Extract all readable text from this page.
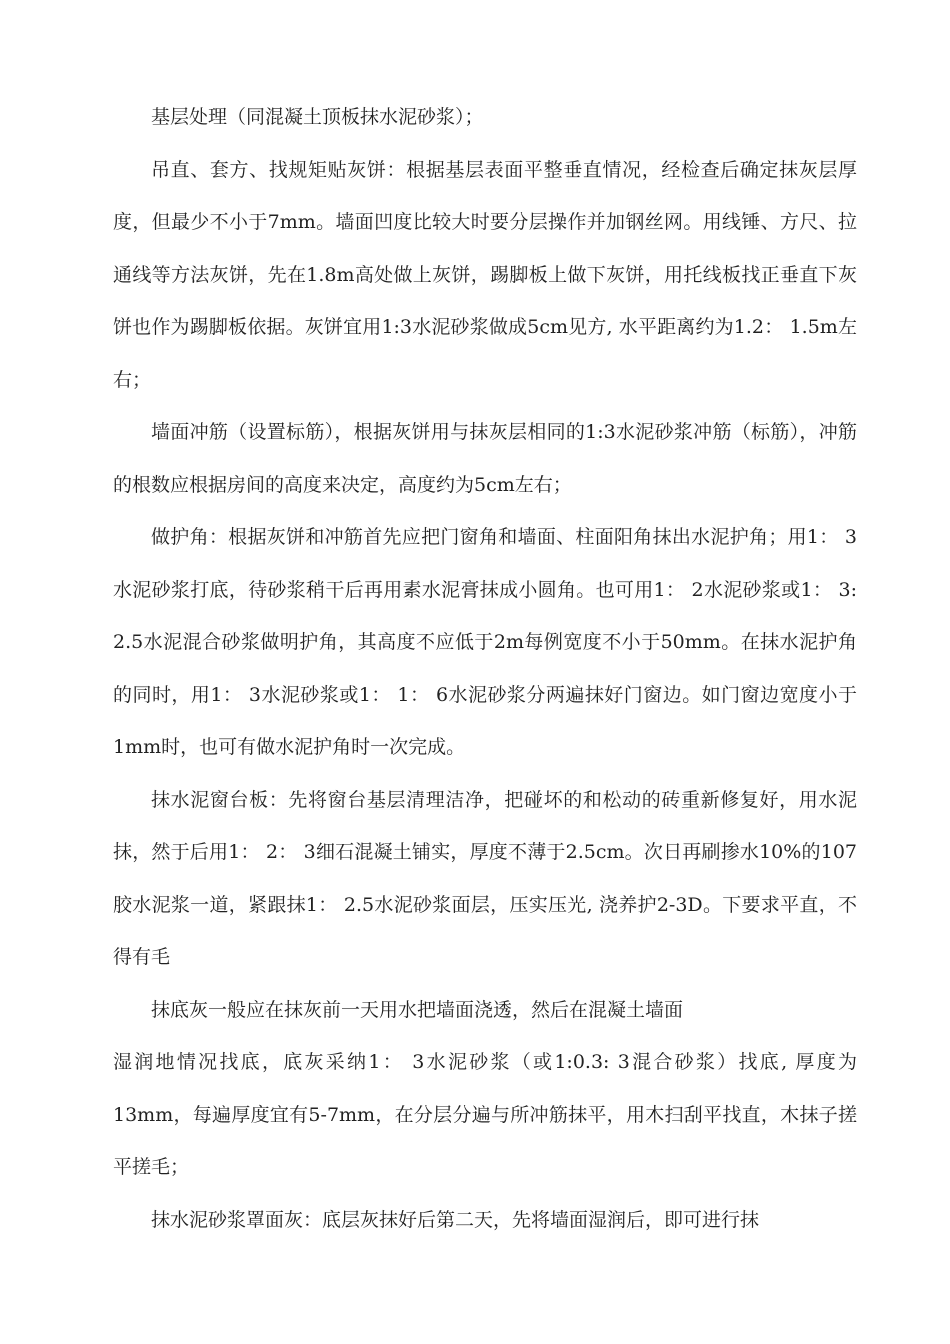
基层处理（同混凝土顶板抹水泥砂浆）；

吊直、套方、找规矩贴灰饼：根据基层表面平整垂直情况，经检查后确定抹灰层厚度，但最少不小于7mm。墙面凹度比较大时要分层操作并加钢丝网。用线锤、方尺、拉通线等方法灰饼，先在1.8m高处做上灰饼，踢脚板上做下灰饼，用托线板找正垂直下灰饼也作为踢脚板依据。灰饼宜用1:3水泥砂浆做成5cm见方, 水平距离约为1.2： 1.5m左右；

墙面冲筋（设置标筋），根据灰饼用与抹灰层相同的1:3水泥砂浆冲筋（标筋），冲筋的根数应根据房间的高度来决定，高度约为5cm左右；

做护角：根据灰饼和冲筋首先应把门窗角和墙面、柱面阳角抹出水泥护角；用1： 3水泥砂浆打底，待砂浆稍干后再用素水泥膏抹成小圆角。也可用1： 2水泥砂浆或1： 3: 2.5水泥混合砂浆做明护角，其高度不应低于2m每例宽度不小于50mm。在抹水泥护角的同时，用1： 3水泥砂浆或1： 1： 6水泥砂浆分两遍抹好门窗边。如门窗边宽度小于1mm时，也可有做水泥护角时一次完成。

抹水泥窗台板：先将窗台基层清理洁净，把碰坏的和松动的砖重新修复好，用水泥抹，然于后用1： 2： 3细石混凝土铺实，厚度不薄于2.5cm。次日再刷掺水10%的107胶水泥浆一道，紧跟抹1： 2.5水泥砂浆面层，压实压光, 浇养护2-3D。下要求平直，不得有毛

抹底灰一般应在抹灰前一天用水把墙面浇透，然后在混凝土墙面

湿润地情况找底，底灰采纳1： 3水泥砂浆（或1:0.3: 3混合砂浆）找底, 厚度为13mm，每遍厚度宜有5-7mm，在分层分遍与所冲筋抹平，用木扫刮平找直，木抹子搓平搓毛；

抹水泥砂浆罩面灰：底层灰抹好后第二天，先将墙面湿润后，即可进行抹
